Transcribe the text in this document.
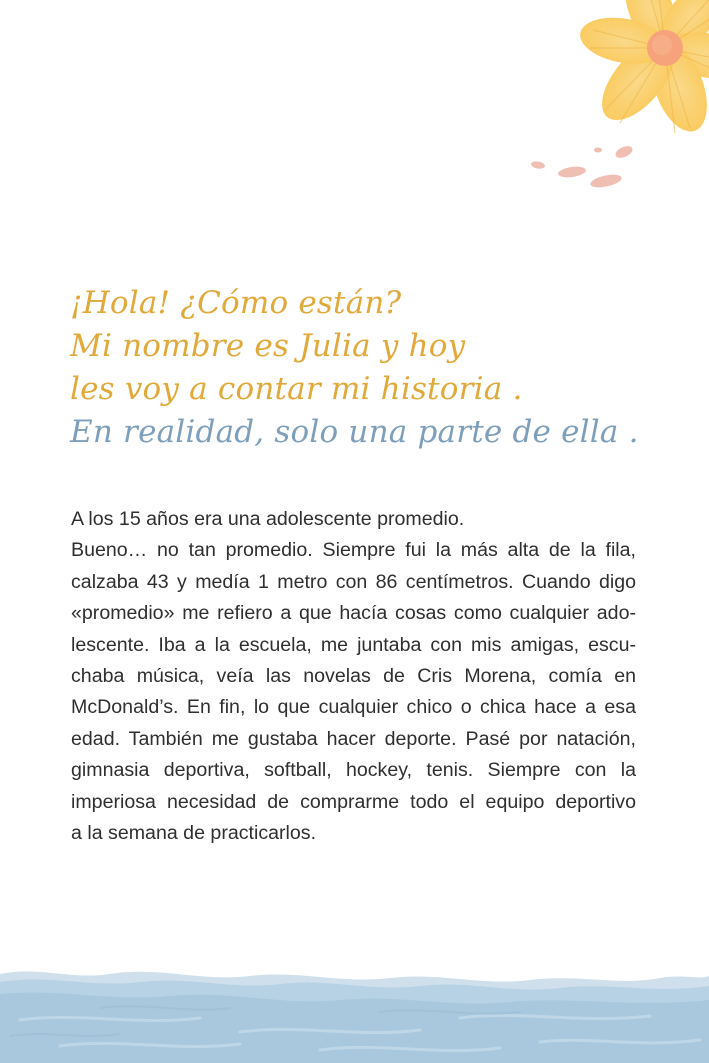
¡Hola! ¿Cómo están?
Mi nombre es Julia y hoy
les voy a contar mi historia .
En realidad, solo una parte de ella .
A los 15 años era una adolescente promedio.
Bueno… no tan promedio. Siempre fui la más alta de la fila,
calzaba 43 y medía 1 metro con 86 centímetros. Cuando digo
«promedio» me refiero a que hacía cosas como cualquier ado-
lescente. Iba a la escuela, me juntaba con mis amigas, escu-
chaba música, veía las novelas de Cris Morena, comía en
McDonald’s. En fin, lo que cualquier chico o chica hace a esa
edad. También me gustaba hacer deporte. Pasé por natación,
gimnasia deportiva, softball, hockey, tenis. Siempre con la
imperiosa necesidad de comprarme todo el equipo deportivo
a la semana de practicarlos.
